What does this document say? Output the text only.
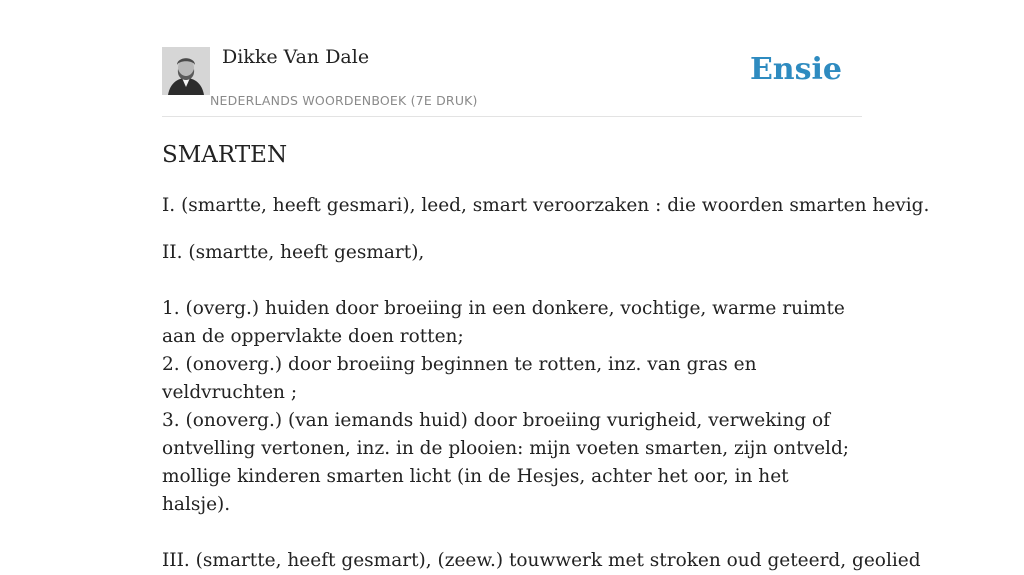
Dikke Van Dale
NEDERLANDS WOORDENBOEK (7E DRUK)
Ensie
SMARTEN

I. (smartte, heeft gesmari), leed, smart veroorzaken : die woorden smarten hevig.

II. (smartte, heeft gesmart),

1. (overg.) huiden door broeiing in een donkere, vochtige, warme ruimte aan de oppervlakte doen rotten;
2. (onoverg.) door broeiing beginnen te rotten, inz. van gras en veldvruchten ;
3. (onoverg.) (van iemands huid) door broeiing vurigheid, verweking of ontvelling vertonen, inz. in de plooien: mijn voeten smarten, zijn ontveld; mollige kinderen smarten licht (in de Hesjes, achter het oor, in het halsje).

III. (smartte, heeft gesmart), (zeew.) touwwerk met stroken oud geteerd, geolied
